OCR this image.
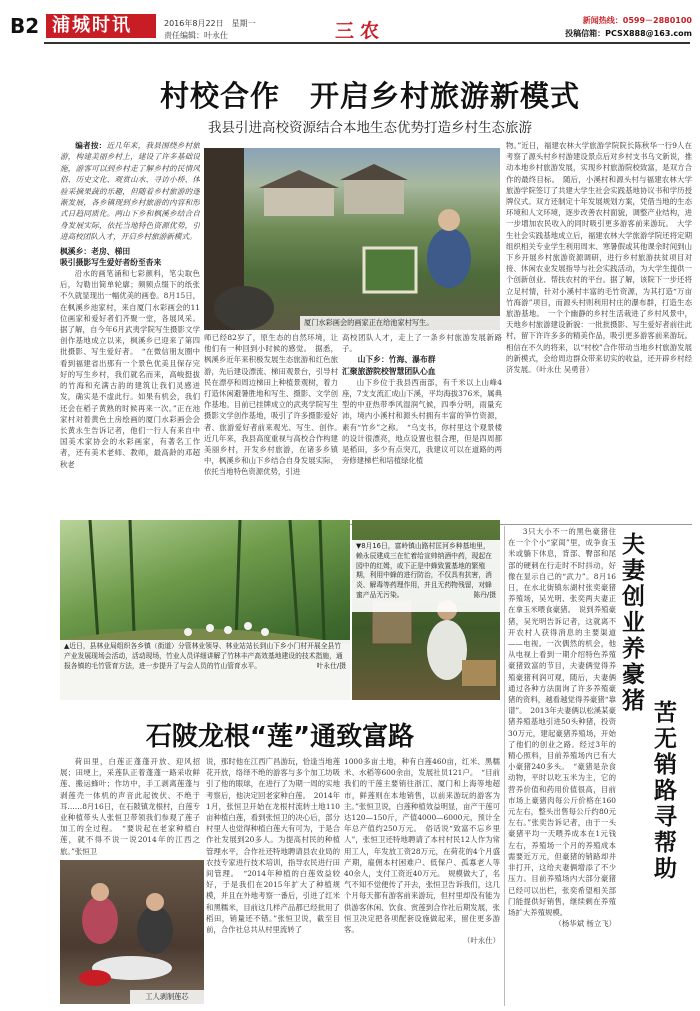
B2 浦城时讯	2016年8月22日　星期一
责任编辑：叶永仕	三农	新闻热线：0599－2880100
投稿信箱：PCSX888@163.com
村校合作　开启乡村旅游新模式
我县引进高校资源结合本地生态优势打造乡村生态旅游

编者按：近几年来，我县围绕乡村旅游，构建美丽乡村上，建设了许多基础设施，游客可以到乡村走了解乡村的民情风俗、历史文化、观赏山水、寻访小桥、体验采摘果蔬的乐趣，但随着乡村旅游的逐渐发展，各乡镇现到乡村旅游的内容和形式日趋同质化。两山下乡和枫溪乡结合自身发展实际，依托当地特色资源优势，引进高校团队入才，开启乡村旅游新模式。

枫溪乡：老房、梯田
吸引摄影写生爱好者纷至沓来

沿水的画笔涌和七彩颜料，笔尖取色后，勾勒出简单轮廓；频频点缀下的纸张不久就显现出一幅优美的画卷。8月15日，在枫溪乡池家村，来自厦门水彩画会的11位画家和爱好者们齐聚一堂，各展风采。据了解，自今年6月武夷学院写生摄影文学创作基地成立以来，枫溪乡已迎来了第四批摄影、写生爱好者。　“在微信朋友圈中看到福建省出那有一个景色优美且保存完好的写生乡村，我们就名而来，高峻挺拔的竹海和充满古韵的建筑让我们灵感迸发，确实是不虚此行。如果有机会，我们还会在稻子黄熟的时候再来一次。”正在池家村对着黄色土房绘画的厦门水彩画会会长黄永生告诉记者，他们一行人有来自中国美术家协会的水彩画家，有著名工作者，还有美术老师、教师，最高龄的邓超秋老

厦门水彩画会的画家正在给池家村写生。

师已经82岁了，原生态的自然环境，让他们有一种回到小时候的感觉。　据悉，枫溪乡近年来积极发展生态旅游和红色旅游，先后建设漂流、梯田观景台，引导村民在漂亭和周边梯田上种植景观树，着力打造休闲避暑胜地和写生、摄影、文学创作基地。目前已挂牌成立的武夷学院写生摄影文学创作基地，吸引了许多摄影爱好者、旅游爱好者前来观光、写生、创作。　近几年来，我县高度重视与高校合作构建美丽乡村，开发乡村旅游，在诸多乡镇中，枫溪乡和山下乡结合自身发展实际，依托当地特色资源优势，引进

高校团队人才，走上了一条乡村旅游发展新路子。

山下乡：竹海、瀑布群
汇聚旅游院校智慧团队心血

山下乡位于我县西南部，有千米以上山峰4座，7支支流汇成山下溪，平均海拔376米，属典型的中亚热带季风湿润气候，四季分明，雨量充沛，境内小溪村和源头村拥有丰富的笋竹资源，素有“竹乡”之称。　“乌支书，你村里这个观景楼的设计很漂亮，地点设置也很合理，但是四周都是稻田，多少有点突兀，我建议可以在道路的两旁修建梯栏和培植绿化植

物。”近日，福建农林大学旅游学院院长陈秋华一行9人在考察了源头村乡村游建设景点后对乡村支书乌文新说，推动本地乡村旅游发展，实现乡村旅游院校致富，是双方合作的最终目标。　随后，小溪村和源头村与福建农林大学旅游学院签订了共建大学生社会实践基地协议书和学历授牌仪式。双方还制定十年发展规划方案，凭借当地的生态环境和人文环境，逐步改善农村面貌，调整产业结构，进一步增加农民收入的同时吸引更多游客前来游玩。　大学生社会实践基地成立后，福建农林大学旅游学院还将定期组织相关专业学生利用周末、寒暑假或其他课余时间到山下乡开展乡村旅游资源调研，进行乡村旅游扶贫项目对接、休闲农业发展指导与社会实践活动，为大学生提供一个创新创业、帮扶农村的平台。据了解，该院下一步还将立足村情，针对小溪村丰富的毛竹资源，为其打造“万亩竹海游”项目，而源头村则利用村庄的瀑布群，打造生态旅游基地。　一个个幽静的乡村生活栽进了乡村风景中，天地乡村旅游建设新貌：一批批摄影、写生爱好者前往此村，留下许许多多的精美作品，吸引更多游客前来游玩。相信在不久的将来，以“村校”合作带动当地乡村旅游发展的新模式，会给周边群众带来切实的收益，还开辟乡村经济发展。（叶永仕 吴勇昔）

▼8月16日，富岭镇山路村匡河乡种基地里，赖永辰建成三在忙着给宣帅纳酒中药，现起在园中的红姆，或下正是中蜂致置基地的繁殖期，利用中蜂的进行防治，不仅具有抗害，消炎、解毒等药理作用，并且无药物残留，对蜂蜜产品无污染。	陈丹/摄
▲近日，县林业局组织各乡镇（街道）分管林业领导、林业站站长到山下乡小门村开展全县竹产业发展现场会活动，活动现场，竹业人员详细讲解了竹林丰产高效基地建设的技术指施，通报各镇的毛竹管育方法，进一步提升了与会人员的竹山管育水平。	叶永仕/摄
石陂龙根“莲”通致富路

荷田里，白莲正蓬蓬开放、迎风招展；田埂上，采莲队正着蓬蓬一路采收鲜莲、搬运蜂叶；作坊中，手工剥离莲蓬与剥莲壳一体机的声音此起彼伏、不绝于耳……8月16日，在石陂镇龙根村，白莲专业种植带头人张恒卫带领我们参观了莲子加工的全过程。　“要说起在老家种植白莲，就不得不说一说2014年的江西之旅。”张恒卫

工人剥制莲芯

说，那时他在江西广昌游玩，恰逢当地莲花开放，络绎不绝的游客与多个加工坊吸引了他的眼球，在进行了为期一周的实地考察后，他决定回老家种白莲。　2014年1月，张恒卫开始在龙根村流转土地110亩种植白莲，看到张恒卫的决心后，部分村里人也觉得种植白莲大有可为，于是合作社发展到20多人。为提高村民的种植管理水平，合作社还特地聘请县农业局的农技专家进行技术培训，指导农民进行田间管理。　“2014年种植的白莲效益较好，于是我们在2015年扩大了种植规模，并且在外地考察一番后，引进了红米和黑糯米，目前这几样产品都已经批用了稻田，销量还不错。”张恒卫说，截至目前，合作社总共从村里流转了

1000多亩土地，种有白莲460亩，红米、黑糯米、水稻等600余亩，发展社员121户。　“目前我们的干莲主要销往浙江、厦门和上海等地超市，鲜莲则在本地销售，以前来游玩的游客为主。”张恒卫说，白莲种植效益明显，亩产干莲可达120—150斤，产值4000—6000元，预计全年总产值约250万元。　俗话说“致富不忘乡里人”，张恒卫还特地聘请了本村村民12人作为常用工人，年发放工资28万元，在荷花的4个月盛产期，雇佣本村困难户、低保户、孤寡老人等40余人，支付工资近40万元。　规模做大了，名气不知不觉便传了开去，张恒卫告诉我们，这几个月每天都有游客前来游玩，但村里却没有能为供游客休闲、饮食、赏莲到合作社后期发展，张恒卫决定把各项配套设施做起来，留住更多游客。

（叶永仕）

3只大小不一的黑色豪猪住在一个个小“家闺”里，成争食玉米或躺下休息，背部、臀部和尾部的硬刺在行走时不时抖动，好像在显示自己的“武力”。8月16日，在水北街镇东湖村张奕豪猪养殖场，吴光明、张奕两夫妻正在拿玉米喂食豪猪。　说到养殖豪猪，吴光明告诉记者，这就离不开农村人获得消息的主要渠道——电视。一次偶然的机会，他从电视上看到一期介绍特色养殖豪猪致富的节目，夫妻俩觉得养殖豪猪利润可观，随后，夫妻俩通过各种方法面询了许多养殖豪猪的资料，越看越觉得养豪猪“靠谱”。　2013年夫妻俩以松溪某豪猪养殖基地引进50头种猪，投资30万元，建起豪猪养殖场，开始了他们的创业之路。经过3年的精心照料，目前养殖场内已有大小豪猪240多头。　“豪猪是杂食动物，平时以吃玉米为主，它的营养价值和药用价值很高，目前市场上豪猪肉每公斤价格在160元左右，整头出售每公斤约80元左右。”张奕告诉记者，由于一头豪猪平均一天喂养成本在1元钱左右，养殖场一个月的养殖成本需要近万元，但豪猪的销路却并非打开，这给夫妻俩增添了不少压力。目前养殖场内大部分豪猪已经可以出栏，张奕希望相关部门能提供好销售，继续剩在养殖场扩大养殖规模。

（杨华斌 杨立飞）
夫妻创业养豪猪
苦无销路寻帮助
